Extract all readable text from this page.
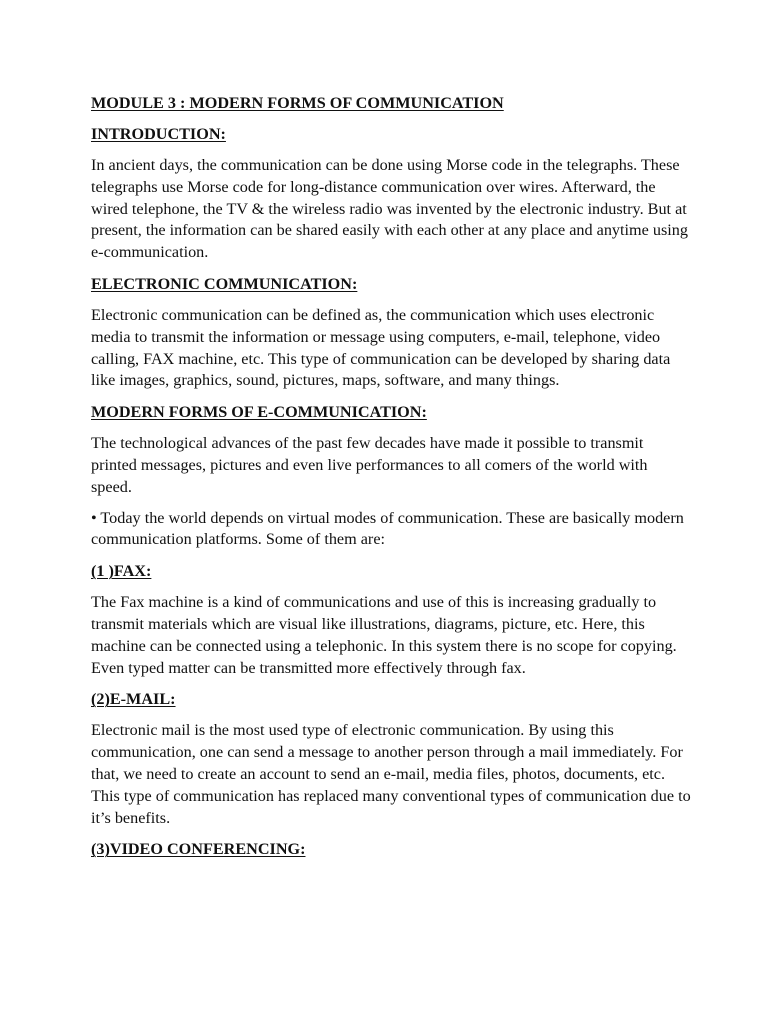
MODULE 3 : MODERN FORMS OF COMMUNICATION

INTRODUCTION:

In ancient days, the communication can be done using Morse code in the telegraphs. These telegraphs use Morse code for long-distance communication over wires. Afterward, the wired telephone, the TV & the wireless radio was invented by the electronic industry. But at present, the information can be shared easily with each other at any place and anytime using e-communication.

ELECTRONIC COMMUNICATION:

Electronic communication can be defined as, the communication which uses electronic media to transmit the information or message using computers, e-mail, telephone, video calling, FAX machine, etc. This type of communication can be developed by sharing data like images, graphics, sound, pictures, maps, software, and many things.

MODERN FORMS OF E-COMMUNICATION:

The technological advances of the past few decades have made it possible to transmit printed messages, pictures and even live performances to all comers of the world with speed.

• Today the world depends on virtual modes of communication. These are basically modern communication platforms. Some of them are:

(1 )FAX:

The Fax machine is a kind of communications and use of this is increasing gradually to transmit materials which are visual like illustrations, diagrams, picture, etc. Here, this machine can be connected using a telephonic. In this system there is no scope for copying. Even typed matter can be transmitted more effectively through fax.

(2)E-MAIL:

Electronic mail is the most used type of electronic communication. By using this communication, one can send a message to another person through a mail immediately. For that, we need to create an account to send an e-mail, media files, photos, documents, etc. This type of communication has replaced many conventional types of communication due to it’s benefits.

(3)VIDEO CONFERENCING:
